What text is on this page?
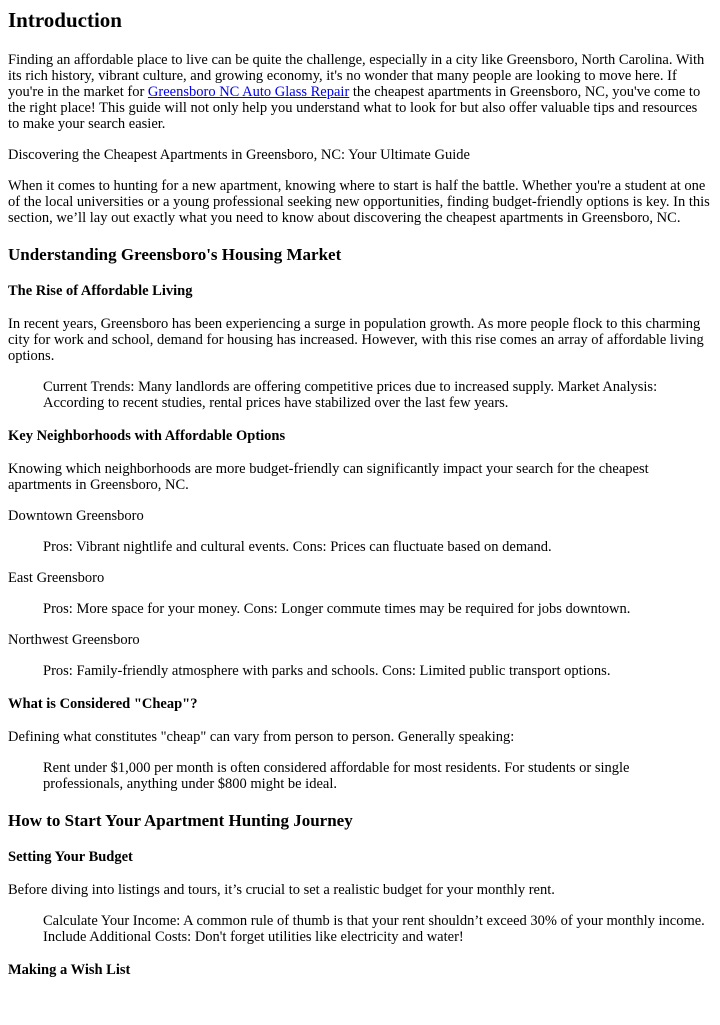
Introduction

Finding an affordable place to live can be quite the challenge, especially in a city like Greensboro, North Carolina. With its rich history, vibrant culture, and growing economy, it's no wonder that many people are looking to move here. If you're in the market for Greensboro NC Auto Glass Repair the cheapest apartments in Greensboro, NC, you've come to the right place! This guide will not only help you understand what to look for but also offer valuable tips and resources to make your search easier.

Discovering the Cheapest Apartments in Greensboro, NC: Your Ultimate Guide

When it comes to hunting for a new apartment, knowing where to start is half the battle. Whether you're a student at one of the local universities or a young professional seeking new opportunities, finding budget-friendly options is key. In this section, we’ll lay out exactly what you need to know about discovering the cheapest apartments in Greensboro, NC.

Understanding Greensboro's Housing Market
The Rise of Affordable Living

In recent years, Greensboro has been experiencing a surge in population growth. As more people flock to this charming city for work and school, demand for housing has increased. However, with this rise comes an array of affordable living options.

Current Trends: Many landlords are offering competitive prices due to increased supply. Market Analysis: According to recent studies, rental prices have stabilized over the last few years.
Key Neighborhoods with Affordable Options

Knowing which neighborhoods are more budget-friendly can significantly impact your search for the cheapest apartments in Greensboro, NC.

Downtown Greensboro

Pros: Vibrant nightlife and cultural events. Cons: Prices can fluctuate based on demand.

East Greensboro

Pros: More space for your money. Cons: Longer commute times may be required for jobs downtown.

Northwest Greensboro

Pros: Family-friendly atmosphere with parks and schools. Cons: Limited public transport options.
What is Considered "Cheap"?

Defining what constitutes "cheap" can vary from person to person. Generally speaking:

Rent under $1,000 per month is often considered affordable for most residents. For students or single professionals, anything under $800 might be ideal.
How to Start Your Apartment Hunting Journey
Setting Your Budget

Before diving into listings and tours, it’s crucial to set a realistic budget for your monthly rent.

Calculate Your Income: A common rule of thumb is that your rent shouldn’t exceed 30% of your monthly income. Include Additional Costs: Don't forget utilities like electricity and water!
Making a Wish List
